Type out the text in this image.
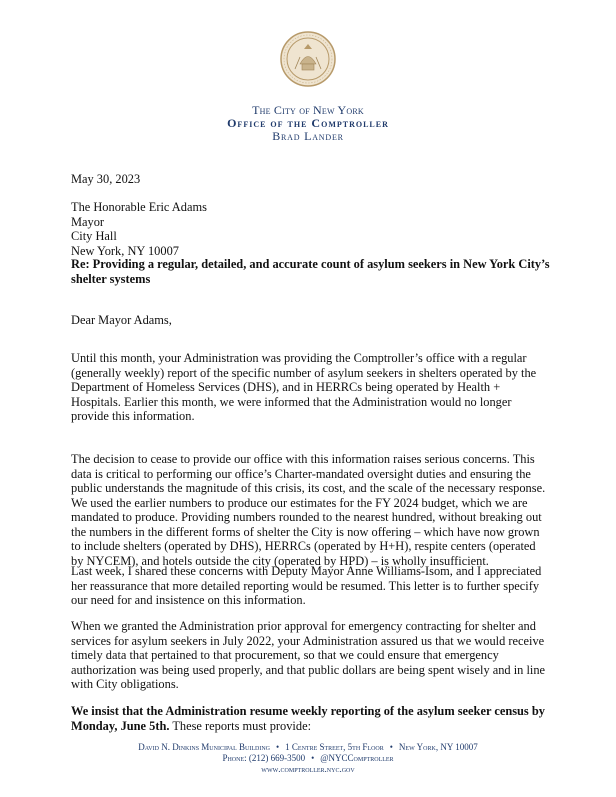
The City of New York
Office of the Comptroller
Brad Lander
May 30, 2023
The Honorable Eric Adams
Mayor
City Hall
New York, NY 10007
Re: Providing a regular, detailed, and accurate count of asylum seekers in New York City’s shelter systems
Dear Mayor Adams,

Until this month, your Administration was providing the Comptroller’s office with a regular (generally weekly) report of the specific number of asylum seekers in shelters operated by the Department of Homeless Services (DHS), and in HERRCs being operated by Health + Hospitals. Earlier this month, we were informed that the Administration would no longer provide this information.

The decision to cease to provide our office with this information raises serious concerns. This data is critical to performing our office’s Charter-mandated oversight duties and ensuring the public understands the magnitude of this crisis, its cost, and the scale of the necessary response. We used the earlier numbers to produce our estimates for the FY 2024 budget, which we are mandated to produce. Providing numbers rounded to the nearest hundred, without breaking out the numbers in the different forms of shelter the City is now offering – which have now grown to include shelters (operated by DHS), HERRCs (operated by H+H), respite centers (operated by NYCEM), and hotels outside the city (operated by HPD) – is wholly insufficient.

Last week, I shared these concerns with Deputy Mayor Anne Williams-Isom, and I appreciated her reassurance that more detailed reporting would be resumed. This letter is to further specify our need for and insistence on this information.

When we granted the Administration prior approval for emergency contracting for shelter and services for asylum seekers in July 2022, your Administration assured us that we would receive timely data that pertained to that procurement, so that we could ensure that emergency authorization was being used properly, and that public dollars are being spent wisely and in line with City obligations.

We insist that the Administration resume weekly reporting of the asylum seeker census by Monday, June 5th. These reports must provide:

David N. Dinkins Municipal Building • 1 Centre Street, 5th Floor • New York, NY 10007
Phone: (212) 669-3500 • @NYCComptroller
www.comptroller.nyc.gov
